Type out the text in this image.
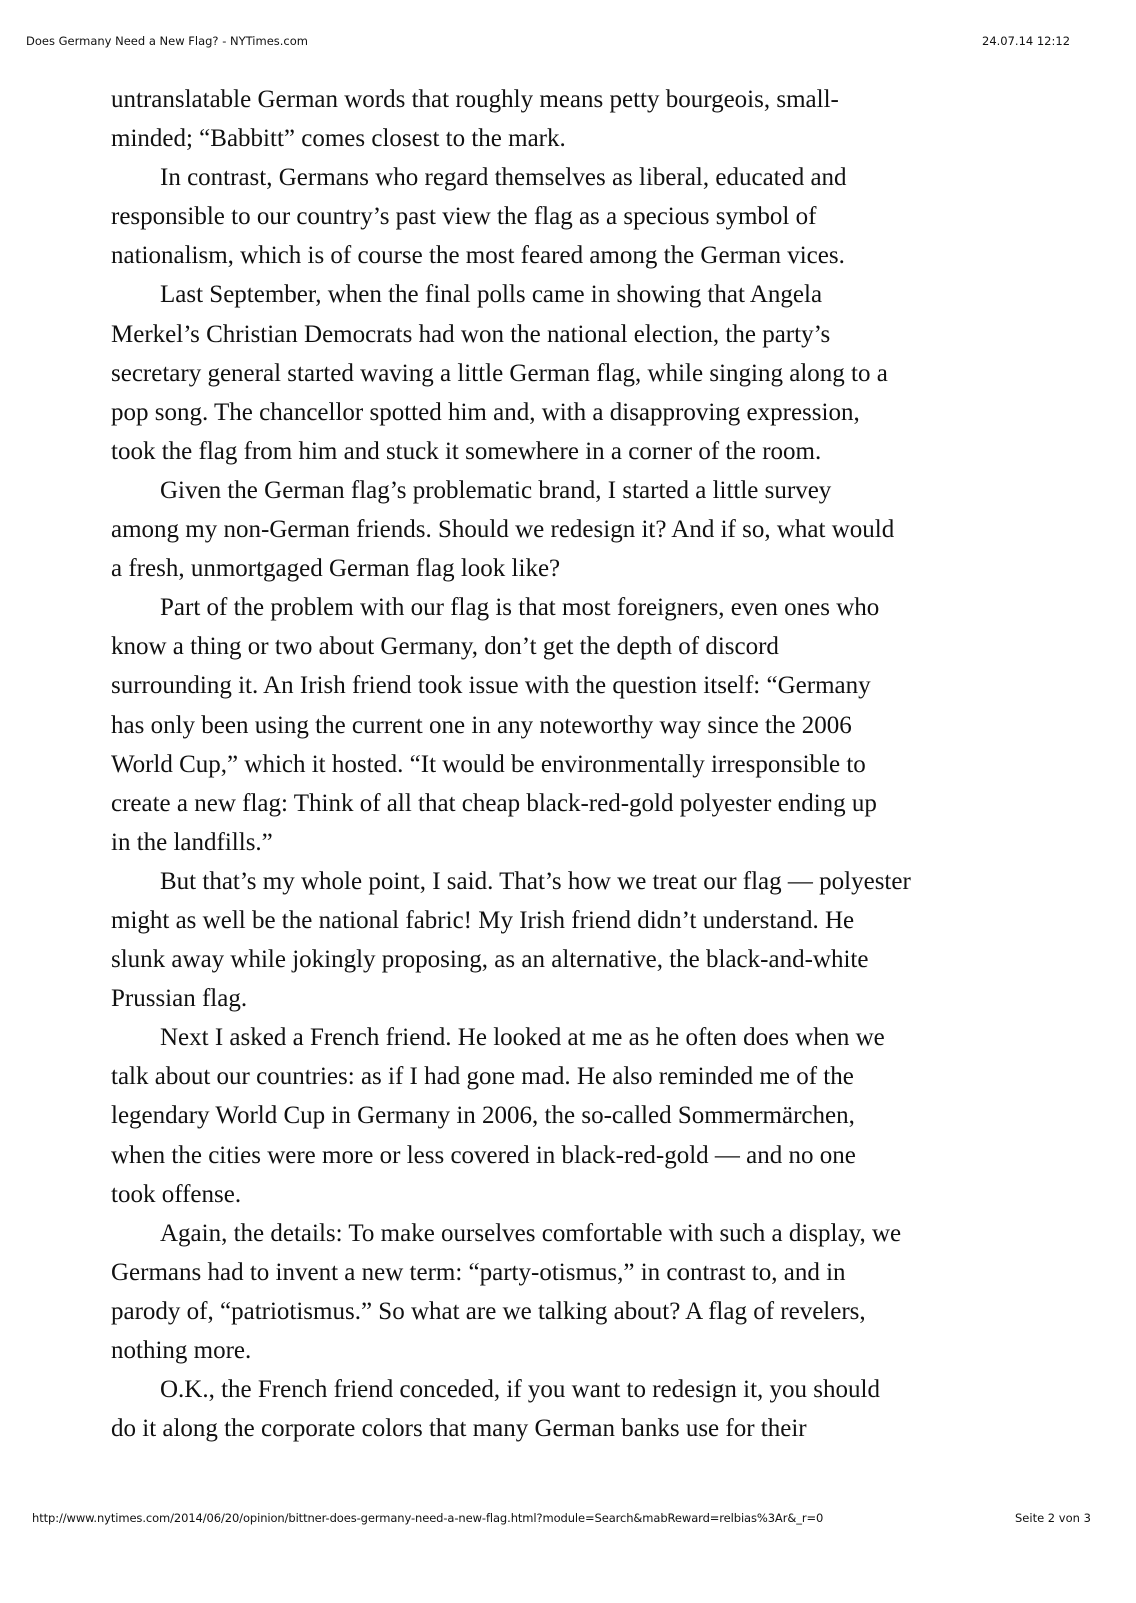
Does Germany Need a New Flag? - NYTimes.com	24.07.14 12:12

untranslatable German words that roughly means petty bourgeois, small-
minded; “Babbitt” comes closest to the mark.

In contrast, Germans who regard themselves as liberal, educated and
responsible to our country’s past view the flag as a specious symbol of
nationalism, which is of course the most feared among the German vices.

Last September, when the final polls came in showing that Angela
Merkel’s Christian Democrats had won the national election, the party’s
secretary general started waving a little German flag, while singing along to a
pop song. The chancellor spotted him and, with a disapproving expression,
took the flag from him and stuck it somewhere in a corner of the room.

Given the German flag’s problematic brand, I started a little survey
among my non-German friends. Should we redesign it? And if so, what would
a fresh, unmortgaged German flag look like?

Part of the problem with our flag is that most foreigners, even ones who
know a thing or two about Germany, don’t get the depth of discord
surrounding it. An Irish friend took issue with the question itself: “Germany
has only been using the current one in any noteworthy way since the 2006
World Cup,” which it hosted. “It would be environmentally irresponsible to
create a new flag: Think of all that cheap black-red-gold polyester ending up
in the landfills.”

But that’s my whole point, I said. That’s how we treat our flag — polyester
might as well be the national fabric! My Irish friend didn’t understand. He
slunk away while jokingly proposing, as an alternative, the black-and-white
Prussian flag.

Next I asked a French friend. He looked at me as he often does when we
talk about our countries: as if I had gone mad. He also reminded me of the
legendary World Cup in Germany in 2006, the so-called Sommermärchen,
when the cities were more or less covered in black-red-gold — and no one
took offense.

Again, the details: To make ourselves comfortable with such a display, we
Germans had to invent a new term: “party-otismus,” in contrast to, and in
parody of, “patriotismus.” So what are we talking about? A flag of revelers,
nothing more.

O.K., the French friend conceded, if you want to redesign it, you should
do it along the corporate colors that many German banks use for their

http://www.nytimes.com/2014/06/20/opinion/bittner-does-germany-need-a-new-flag.html?module=Search&mabReward=relbias%3Ar&_r=0	Seite 2 von 3
